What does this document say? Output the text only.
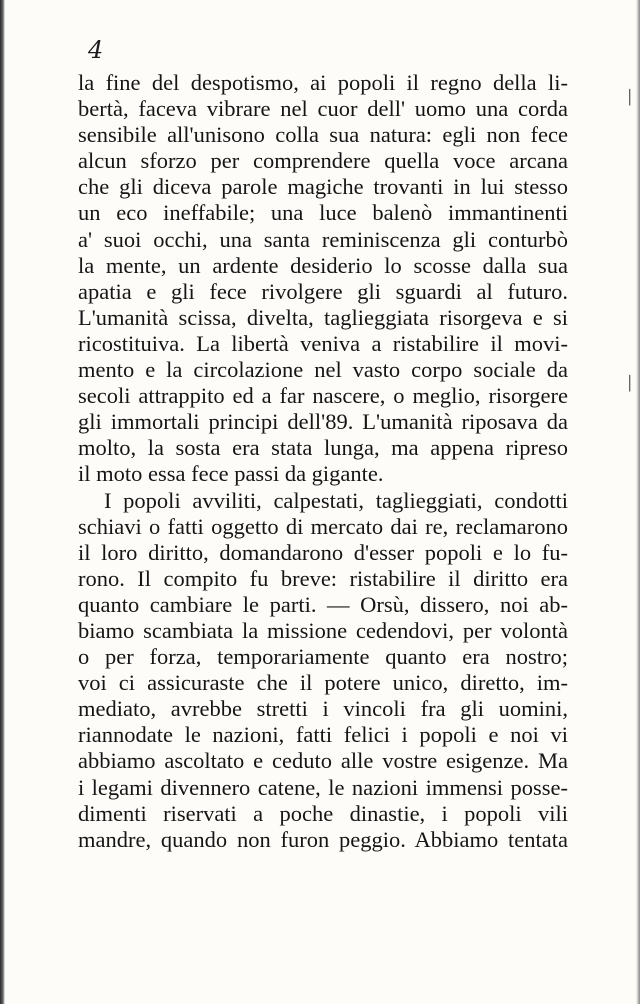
4
│
│
la fine del despotismo, ai popoli il regno della li-
bertà, faceva vibrare nel cuor dell' uomo una corda
sensibile all'unisono colla sua natura: egli non fece
alcun sforzo per comprendere quella voce arcana
che gli diceva parole magiche trovanti in lui stesso
un eco ineffabile; una luce balenò immantinenti
a' suoi occhi, una santa reminiscenza gli conturbò
la mente, un ardente desiderio lo scosse dalla sua
apatia e gli fece rivolgere gli sguardi al futuro.
L'umanità scissa, divelta, taglieggiata risorgeva e si
ricostituiva. La libertà veniva a ristabilire il movi-
mento e la circolazione nel vasto corpo sociale da
secoli attrappito ed a far nascere, o meglio, risorgere
gli immortali principi dell'89. L'umanità riposava da
molto, la sosta era stata lunga, ma appena ripreso
il moto essa fece passi da gigante.
I popoli avviliti, calpestati, taglieggiati, condotti
schiavi o fatti oggetto di mercato dai re, reclamarono
il loro diritto, domandarono d'esser popoli e lo fu-
rono. Il compito fu breve: ristabilire il diritto era
quanto cambiare le parti. — Orsù, dissero, noi ab-
biamo scambiata la missione cedendovi, per volontà
o per forza, temporariamente quanto era nostro;
voi ci assicuraste che il potere unico, diretto, im-
mediato, avrebbe stretti i vincoli fra gli uomini,
riannodate le nazioni, fatti felici i popoli e noi vi
abbiamo ascoltato e ceduto alle vostre esigenze. Ma
i legami divennero catene, le nazioni immensi posse-
dimenti riservati a poche dinastie, i popoli vili
mandre, quando non furon peggio. Abbiamo tentata
